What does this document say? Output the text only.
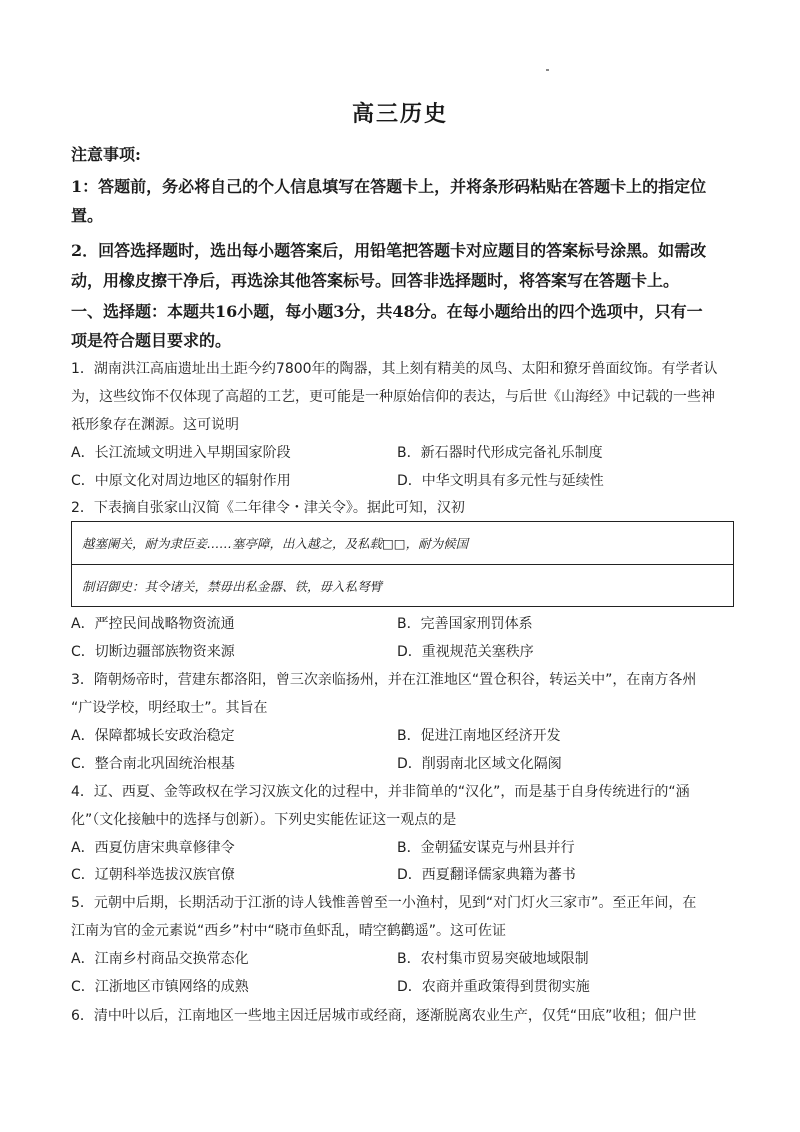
高三历史
注意事项:
1：答题前，务必将自己的个人信息填写在答题卡上，并将条形码粘贴在答题卡上的指定位
置。
2．回答选择题时，选出每小题答案后，用铅笔把答题卡对应题目的答案标号涂黑。如需改
动，用橡皮擦干净后，再选涂其他答案标号。回答非选择题时，将答案写在答题卡上。
一、选择题：本题共16小题，每小题3分，共48分。在每小题给出的四个选项中，只有一
项是符合题目要求的。
1．湖南洪江高庙遗址出土距今约7800年的陶器，其上刻有精美的凤鸟、太阳和獠牙兽面纹饰。有学者认
为，这些纹饰不仅体现了高超的工艺，更可能是一种原始信仰的表达，与后世《山海经》中记载的一些神
祇形象存在渊源。这可说明
A．长江流域文明进入早期国家阶段	B．新石器时代形成完备礼乐制度
C．中原文化对周边地区的辐射作用	D．中华文明具有多元性与延续性
2．下表摘自张家山汉简《二年律令・津关令》。据此可知，汉初
越塞阑关，耐为隶臣妾……塞亭障，出入越之，及私载□□，耐为候国
制诏御史：其令诸关，禁毋出私金器、铁，毋入私弩臂
A．严控民间战略物资流通	B．完善国家刑罚体系
C．切断边疆部族物资来源	D．重视规范关塞秩序
3．隋朝炀帝时，营建东都洛阳，曾三次亲临扬州，并在江淮地区“置仓积谷，转运关中”，在南方各州
“广设学校，明经取士”。其旨在
A．保障都城长安政治稳定	B．促进江南地区经济开发
C．整合南北巩固统治根基	D．削弱南北区域文化隔阂
4．辽、西夏、金等政权在学习汉族文化的过程中，并非简单的“汉化”，而是基于自身传统进行的“涵
化”（文化接触中的选择与创新）。下列史实能佐证这一观点的是
A．西夏仿唐宋典章修律令	B．金朝猛安谋克与州县并行
C．辽朝科举选拔汉族官僚	D．西夏翻译儒家典籍为蕃书
5．元朝中后期，长期活动于江浙的诗人钱惟善曾至一小渔村，见到“对门灯火三家市”。至正年间，在
江南为官的金元素说“西乡”村中“晓市鱼虾乱，晴空鹤鹳遥”。这可佐证
A．江南乡村商品交换常态化	B．农村集市贸易突破地域限制
C．江浙地区市镇网络的成熟	D．农商并重政策得到贯彻实施
6．清中叶以后，江南地区一些地主因迁居城市或经商，逐渐脱离农业生产，仅凭“田底”收租；佃户世
